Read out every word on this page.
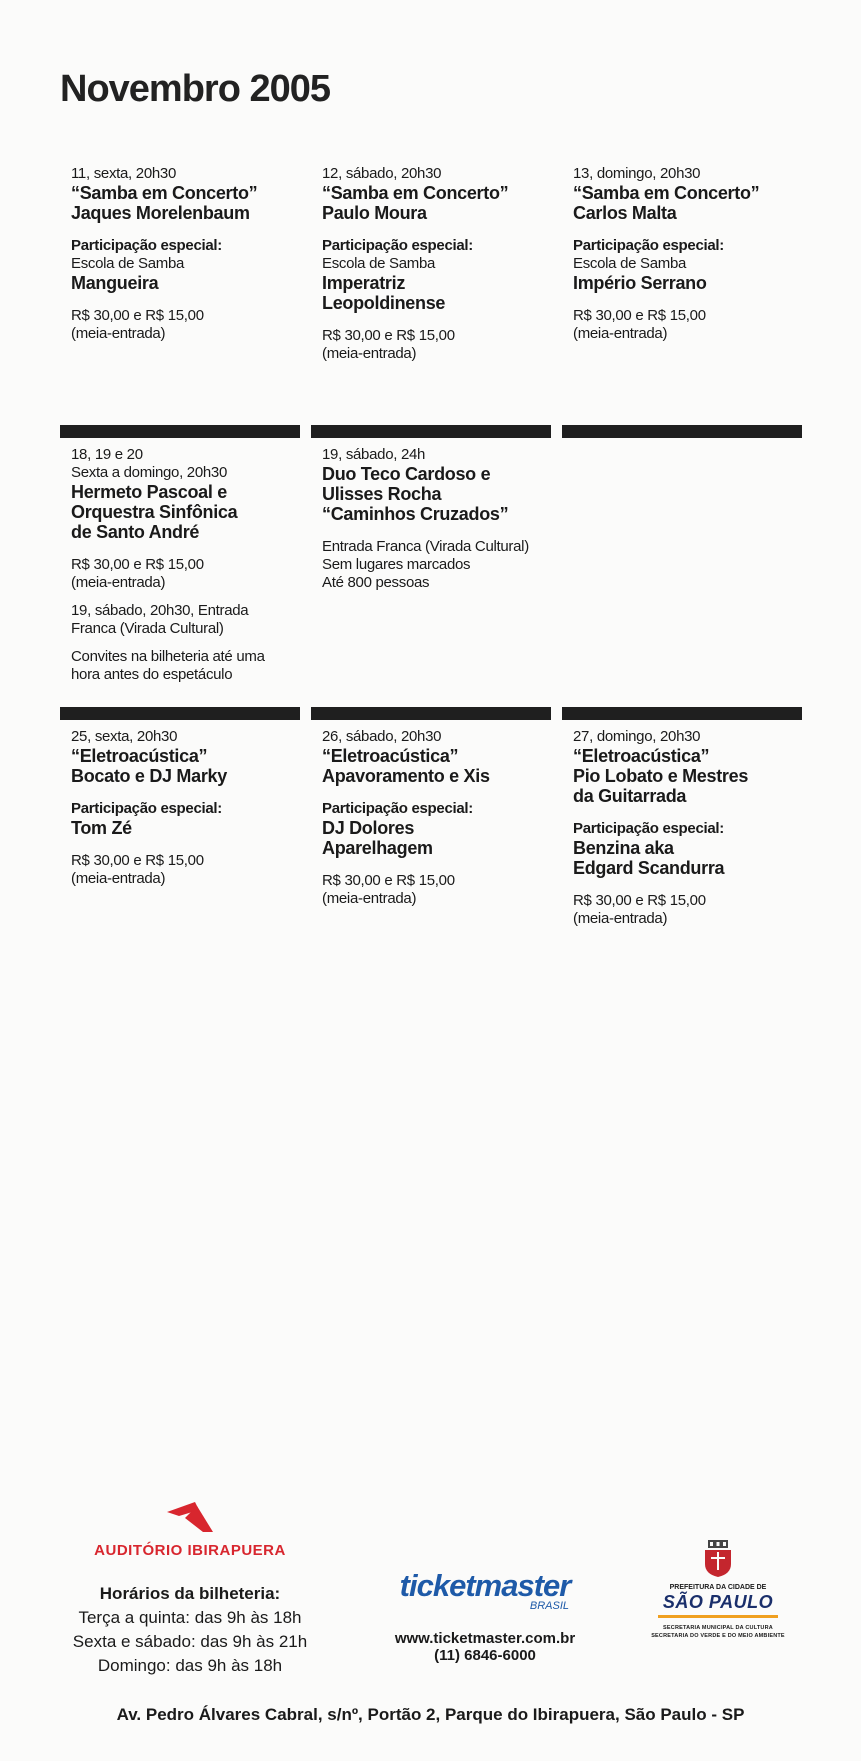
Novembro 2005
11, sexta, 20h30
“Samba em Concerto”
Jaques Morelenbaum
Participação especial:
Escola de Samba
Mangueira
R$ 30,00 e R$ 15,00
(meia-entrada)
12, sábado, 20h30
“Samba em Concerto”
Paulo Moura
Participação especial:
Escola de Samba
Imperatriz
Leopoldinense
R$ 30,00 e R$ 15,00
(meia-entrada)
13, domingo, 20h30
“Samba em Concerto”
Carlos Malta
Participação especial:
Escola de Samba
Império Serrano
R$ 30,00 e R$ 15,00
(meia-entrada)
18, 19 e 20
Sexta a domingo, 20h30
Hermeto Pascoal e
Orquestra Sinfônica
de Santo André
R$ 30,00 e R$ 15,00
(meia-entrada)
19, sábado, 20h30, Entrada
Franca (Virada Cultural)
Convites na bilheteria até uma
hora antes do espetáculo
19, sábado, 24h
Duo Teco Cardoso e
Ulisses Rocha
“Caminhos Cruzados”
Entrada Franca (Virada Cultural)
Sem lugares marcados
Até 800 pessoas
25, sexta, 20h30
“Eletroacústica”
Bocato e DJ Marky
Participação especial:
Tom Zé
R$ 30,00 e R$ 15,00
(meia-entrada)
26, sábado, 20h30
“Eletroacústica”
Apavoramento e Xis
Participação especial:
DJ Dolores
Aparelhagem
R$ 30,00 e R$ 15,00
(meia-entrada)
27, domingo, 20h30
“Eletroacústica”
Pio Lobato e Mestres
da Guitarrada
Participação especial:
Benzina aka
Edgard Scandurra
R$ 30,00 e R$ 15,00
(meia-entrada)
AUDITÓRIO IBIRAPUERA
Horários da bilheteria:
Terça a quinta: das 9h às 18h
Sexta e sábado: das 9h às 21h
Domingo: das 9h às 18h
ticketmaster
BRASIL
www.ticketmaster.com.br
(11) 6846-6000
PREFEITURA DA CIDADE DE
SÃO PAULO
SECRETARIA MUNICIPAL DA CULTURA
SECRETARIA DO VERDE E DO MEIO AMBIENTE
Av. Pedro Álvares Cabral, s/nº, Portão 2, Parque do Ibirapuera, São Paulo - SP
